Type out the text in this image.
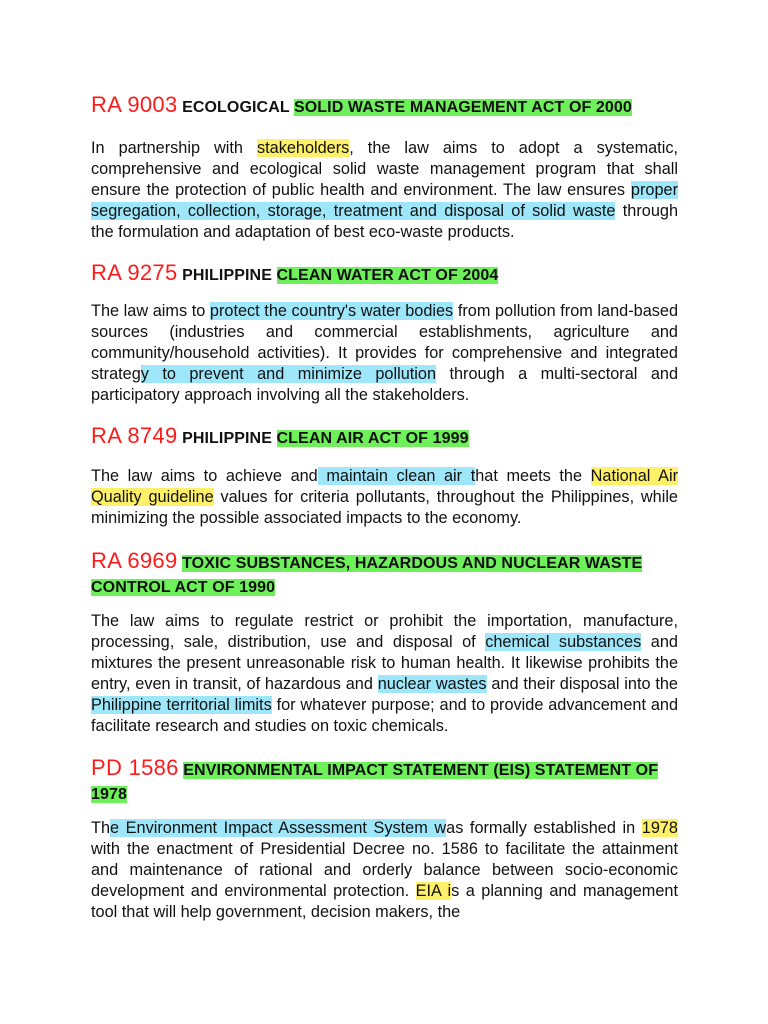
RA 9003 ECOLOGICAL SOLID WASTE MANAGEMENT ACT OF 2000
In partnership with stakeholders, the law aims to adopt a systematic, comprehensive and ecological solid waste management program that shall ensure the protection of public health and environment. The law ensures proper segregation, collection, storage, treatment and disposal of solid waste through the formulation and adaptation of best eco-waste products.
RA 9275 PHILIPPINE CLEAN WATER ACT OF 2004
The law aims to protect the country's water bodies from pollution from land-based sources (industries and commercial establishments, agriculture and community/household activities). It provides for comprehensive and integrated strategy to prevent and minimize pollution through a multi-sectoral and participatory approach involving all the stakeholders.
RA 8749 PHILIPPINE CLEAN AIR ACT OF 1999
The law aims to achieve and maintain clean air that meets the National Air Quality guideline values for criteria pollutants, throughout the Philippines, while minimizing the possible associated impacts to the economy.
RA 6969 TOXIC SUBSTANCES, HAZARDOUS AND NUCLEAR WASTE CONTROL ACT OF 1990
The law aims to regulate restrict or prohibit the importation, manufacture, processing, sale, distribution, use and disposal of chemical substances and mixtures the present unreasonable risk to human health. It likewise prohibits the entry, even in transit, of hazardous and nuclear wastes and their disposal into the Philippine territorial limits for whatever purpose; and to provide advancement and facilitate research and studies on toxic chemicals.
PD 1586 ENVIRONMENTAL IMPACT STATEMENT (EIS) STATEMENT OF 1978
The Environment Impact Assessment System was formally established in 1978 with the enactment of Presidential Decree no. 1586 to facilitate the attainment and maintenance of rational and orderly balance between socio-economic development and environmental protection. EIA is a planning and management tool that will help government, decision makers, the
